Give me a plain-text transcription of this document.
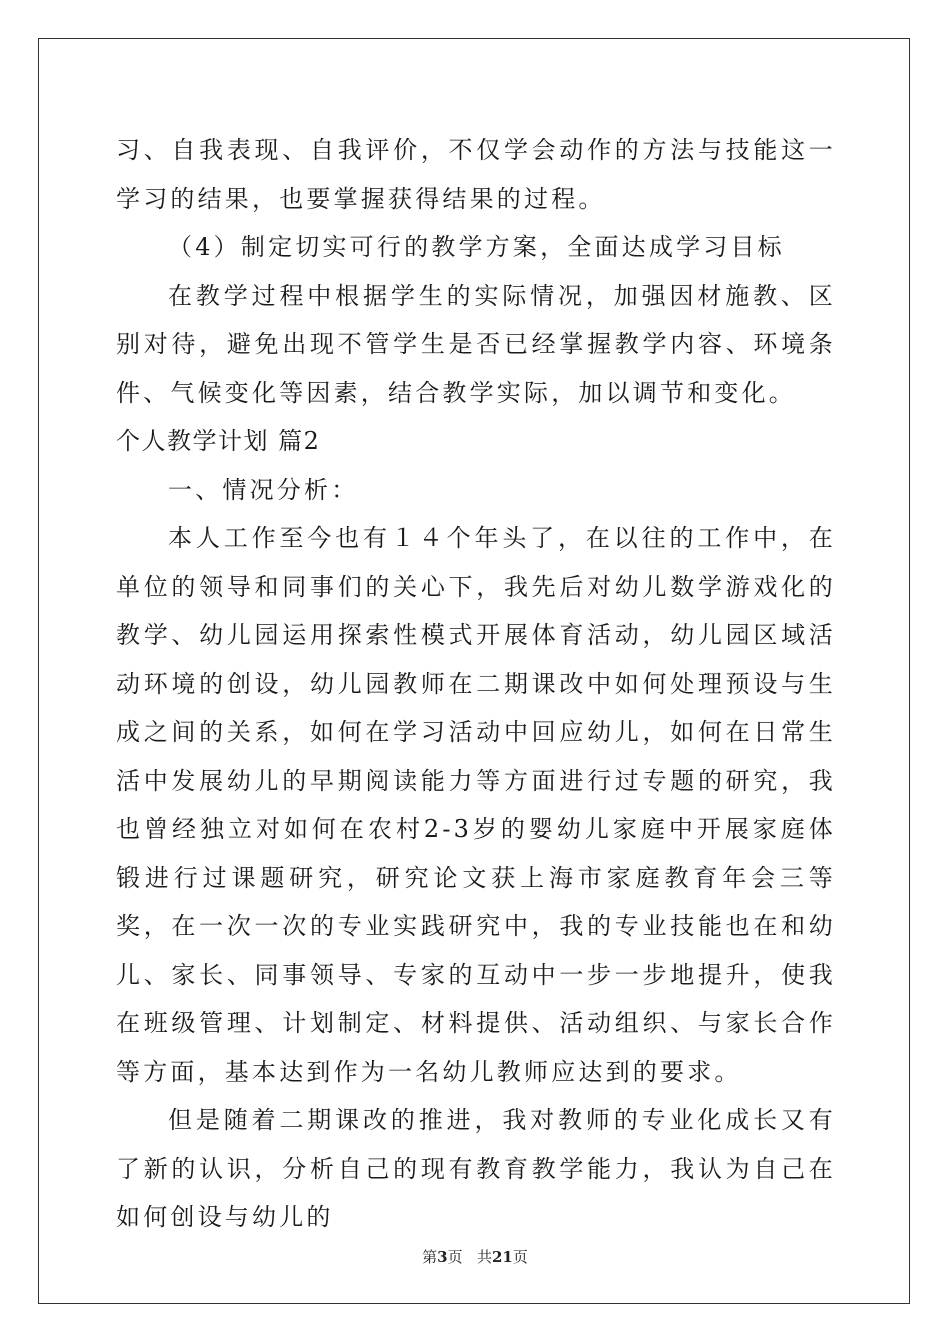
习、自我表现、自我评价，不仅学会动作的方法与技能这一学习的结果，也要掌握获得结果的过程。

（4）制定切实可行的教学方案，全面达成学习目标

在教学过程中根据学生的实际情况，加强因材施教、区别对待，避免出现不管学生是否已经掌握教学内容、环境条件、气候变化等因素，结合教学实际，加以调节和变化。

个人教学计划 篇2

一、情况分析：

本人工作至今也有１４个年头了，在以往的工作中，在单位的领导和同事们的关心下，我先后对幼儿数学游戏化的教学、幼儿园运用探索性模式开展体育活动，幼儿园区域活动环境的创设，幼儿园教师在二期课改中如何处理预设与生成之间的关系，如何在学习活动中回应幼儿，如何在日常生活中发展幼儿的早期阅读能力等方面进行过专题的研究，我也曾经独立对如何在农村2-3岁的婴幼儿家庭中开展家庭体锻进行过课题研究，研究论文获上海市家庭教育年会三等奖，在一次一次的专业实践研究中，我的专业技能也在和幼儿、家长、同事领导、专家的互动中一步一步地提升，使我在班级管理、计划制定、材料提供、活动组织、与家长合作等方面，基本达到作为一名幼儿教师应达到的要求。

但是随着二期课改的推进，我对教师的专业化成长又有了新的认识，分析自己的现有教育教学能力，我认为自己在如何创设与幼儿的

第3页 共21页
